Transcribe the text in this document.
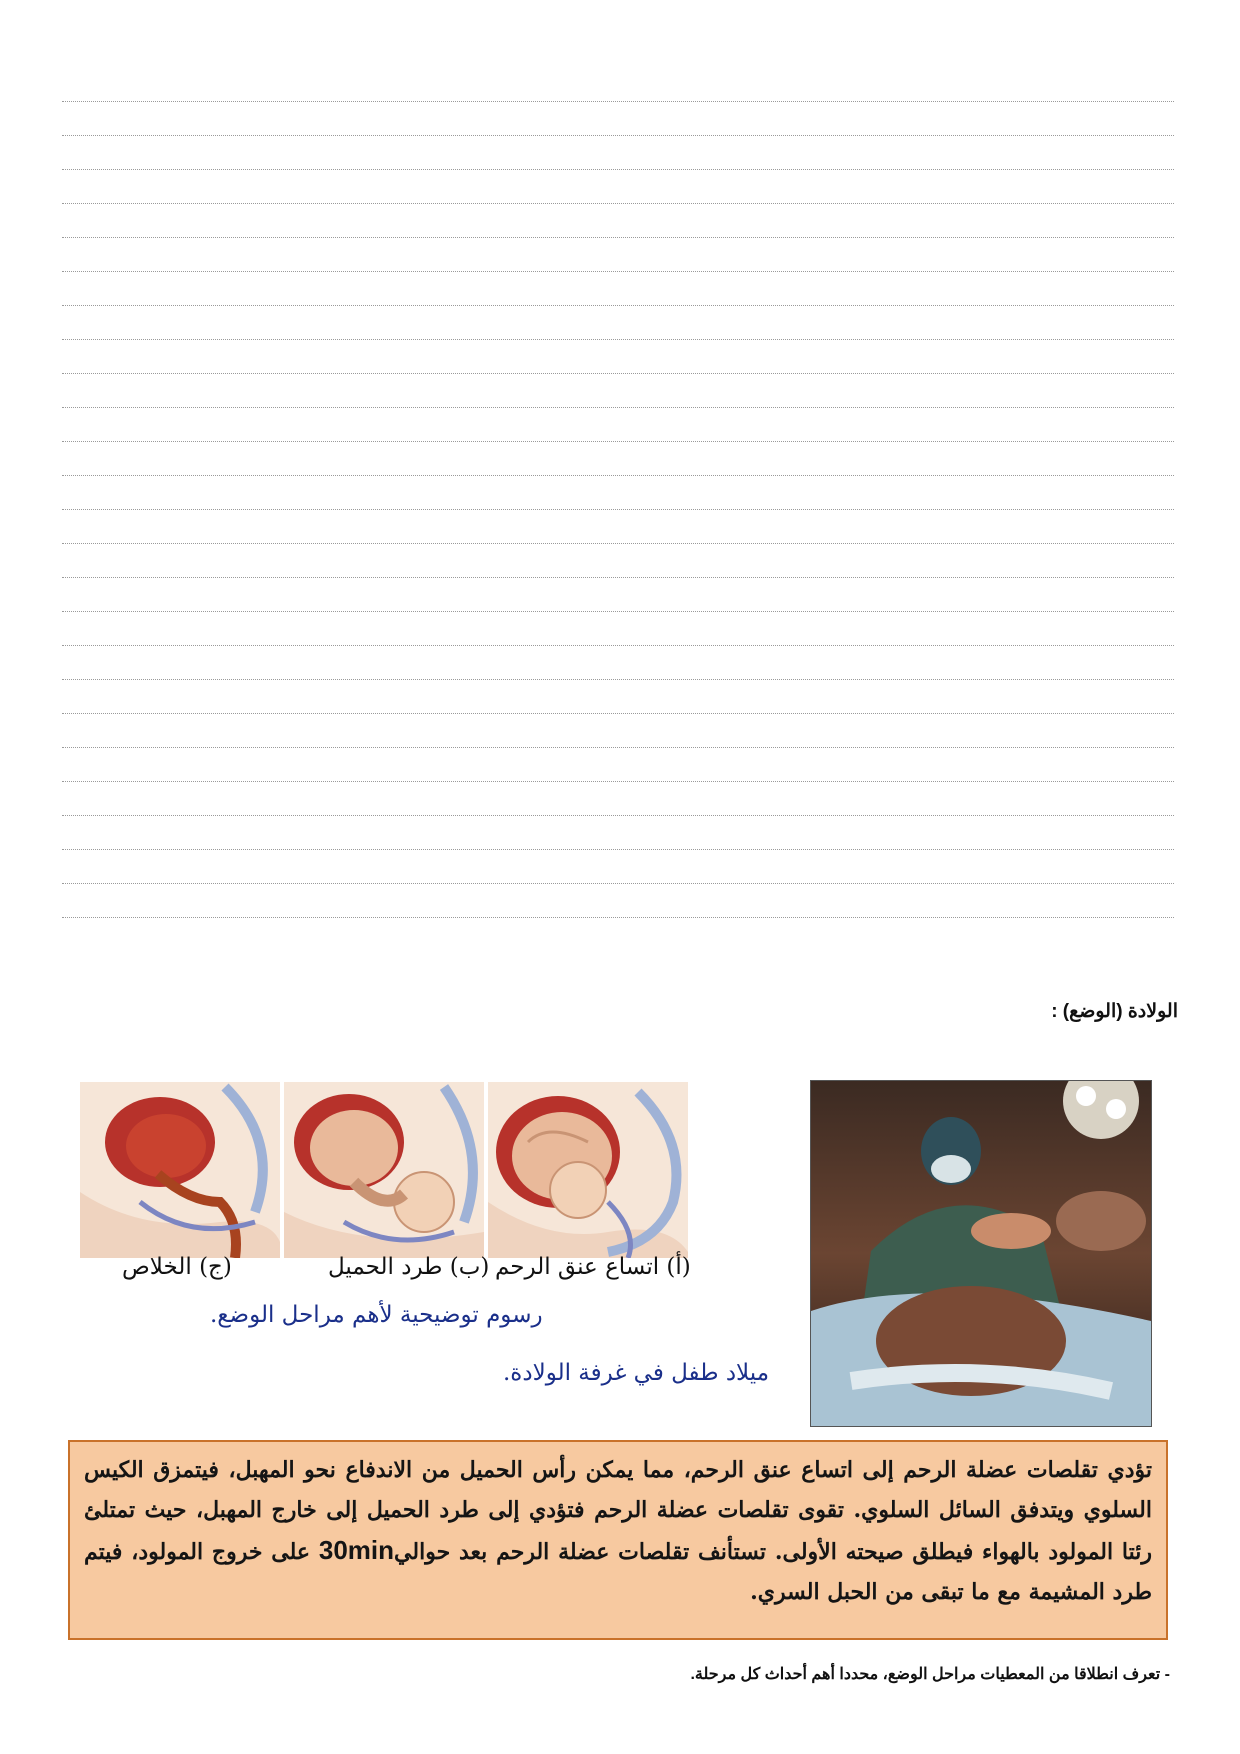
الولادة (الوضع) :
(أ) اتساع عنق الرحم
(ب) طرد الحميل
(ج) الخلاص
رسوم توضيحية لأهم مراحل الوضع.
ميلاد طفل في غرفة الولادة.
تؤدي تقلصات عضلة الرحم إلى اتساع عنق الرحم، مما يمكن رأس الحميل من الاندفاع نحو المهبل، فيتمزق الكيس السلوي ويتدفق السائل السلوي. تقوى تقلصات عضلة الرحم فتؤدي إلى طرد الحميل إلى خارج المهبل، حيث تمتلئ رئتا المولود بالهواء فيطلق صيحته الأولى. تستأنف تقلصات عضلة الرحم بعد حوالي30min على خروج المولود، فيتم طرد المشيمة مع ما تبقى من الحبل السري.
- تعرف انطلاقا من المعطيات مراحل الوضع، محددا أهم أحداث كل مرحلة.
